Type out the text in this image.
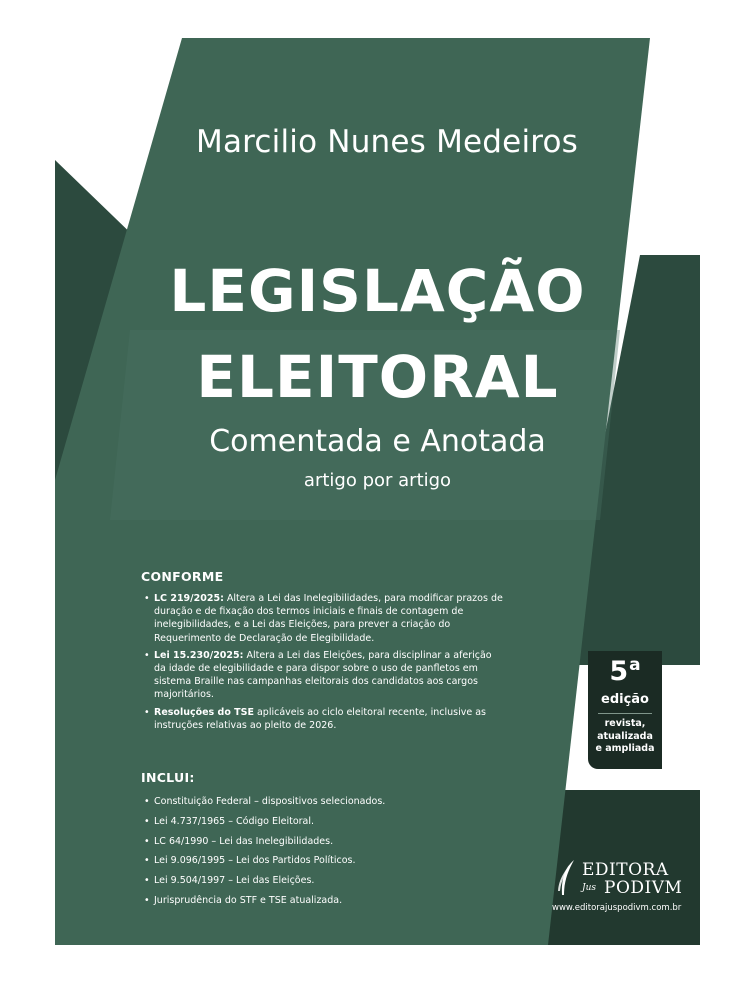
Marcilio Nunes Medeiros
LEGISLAÇÃO
ELEITORAL
Comentada e Anotada
artigo por artigo
CONFORME
• LC 219/2025: Altera a Lei das Inelegibilidades, para modificar prazos de duração e de fixação dos termos iniciais e finais de contagem de inelegibilidades, e a Lei das Eleições, para prever a criação do Requerimento de Declaração de Elegibilidade.
• Lei 15.230/2025: Altera a Lei das Eleições, para disciplinar a aferição da idade de elegibilidade e para dispor sobre o uso de panfletos em sistema Braille nas campanhas eleitorais dos candidatos aos cargos majoritários.
• Resoluções do TSE aplicáveis ao ciclo eleitoral recente, inclusive as instruções relativas ao pleito de 2026.
INCLUI:
• Constituição Federal – dispositivos selecionados.
• Lei 4.737/1965 – Código Eleitoral.
• LC 64/1990 – Lei das Inelegibilidades.
• Lei 9.096/1995 – Lei dos Partidos Políticos.
• Lei 9.504/1997 – Lei das Eleições.
• Jurisprudência do STF e TSE atualizada.
5$^a$
edição
revista,
atualizada
e ampliada
EDITORA
Jus PODIVM
www.editorajuspodivm.com.br
